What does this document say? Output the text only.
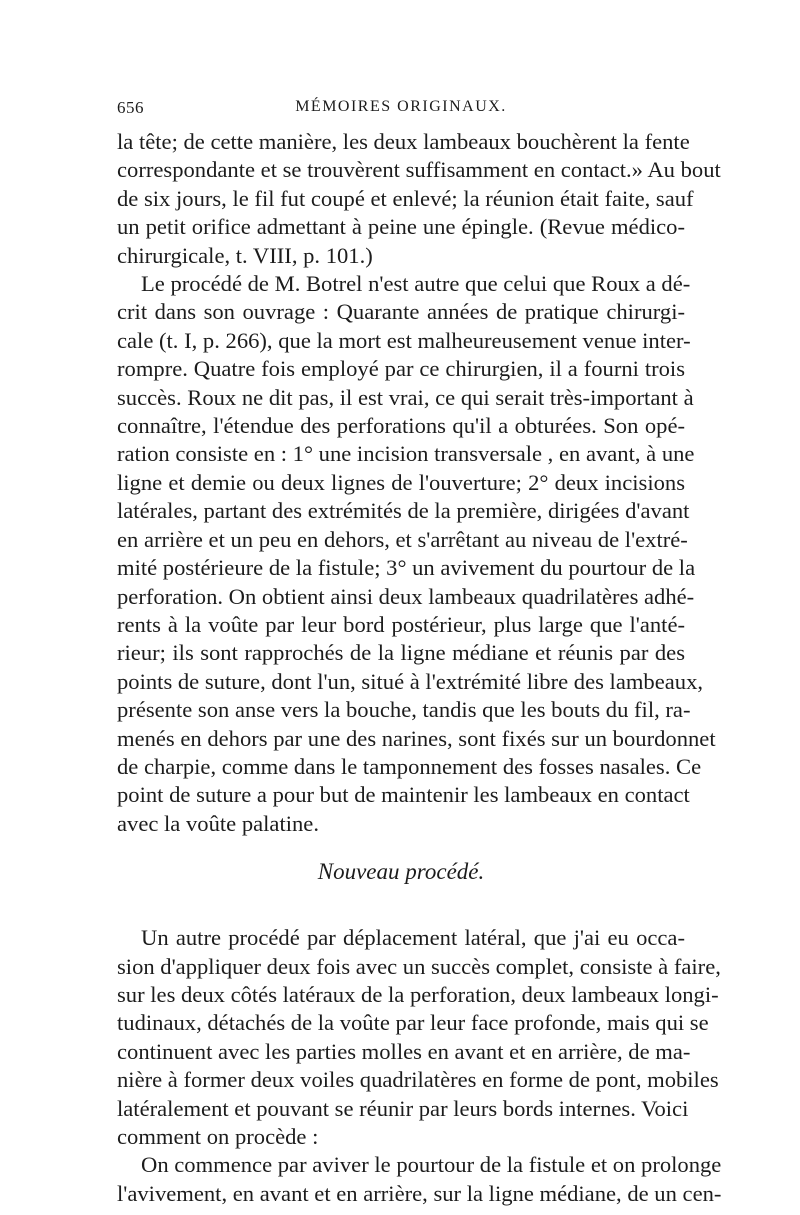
656	MÉMOIRES ORIGINAUX.

la tête; de cette manière, les deux lambeaux bouchèrent la fente
correspondante et se trouvèrent suffisamment en contact.» Au bout
de six jours, le fil fut coupé et enlevé; la réunion était faite, sauf
un petit orifice admettant à peine une épingle. (Revue médico-
chirurgicale, t. VIII, p. 101.)

Le procédé de M. Botrel n'est autre que celui que Roux a dé-
crit dans son ouvrage : Quarante années de pratique chirurgi-
cale (t. I, p. 266), que la mort est malheureusement venue inter-
rompre. Quatre fois employé par ce chirurgien, il a fourni trois
succès. Roux ne dit pas, il est vrai, ce qui serait très-important à
connaître, l'étendue des perforations qu'il a obturées. Son opé-
ration consiste en : 1° une incision transversale , en avant, à une
ligne et demie ou deux lignes de l'ouverture; 2° deux incisions
latérales, partant des extrémités de la première, dirigées d'avant
en arrière et un peu en dehors, et s'arrêtant au niveau de l'extré-
mité postérieure de la fistule; 3° un avivement du pourtour de la
perforation. On obtient ainsi deux lambeaux quadrilatères adhé-
rents à la voûte par leur bord postérieur, plus large que l'anté-
rieur; ils sont rapprochés de la ligne médiane et réunis par des
points de suture, dont l'un, situé à l'extrémité libre des lambeaux,
présente son anse vers la bouche, tandis que les bouts du fil, ra-
menés en dehors par une des narines, sont fixés sur un bourdonnet
de charpie, comme dans le tamponnement des fosses nasales. Ce
point de suture a pour but de maintenir les lambeaux en contact
avec la voûte palatine.

Nouveau procédé.

Un autre procédé par déplacement latéral, que j'ai eu occa-
sion d'appliquer deux fois avec un succès complet, consiste à faire,
sur les deux côtés latéraux de la perforation, deux lambeaux longi-
tudinaux, détachés de la voûte par leur face profonde, mais qui se
continuent avec les parties molles en avant et en arrière, de ma-
nière à former deux voiles quadrilatères en forme de pont, mobiles
latéralement et pouvant se réunir par leurs bords internes. Voici
comment on procède :

On commence par aviver le pourtour de la fistule et on prolonge
l'avivement, en avant et en arrière, sur la ligne médiane, de un cen-
